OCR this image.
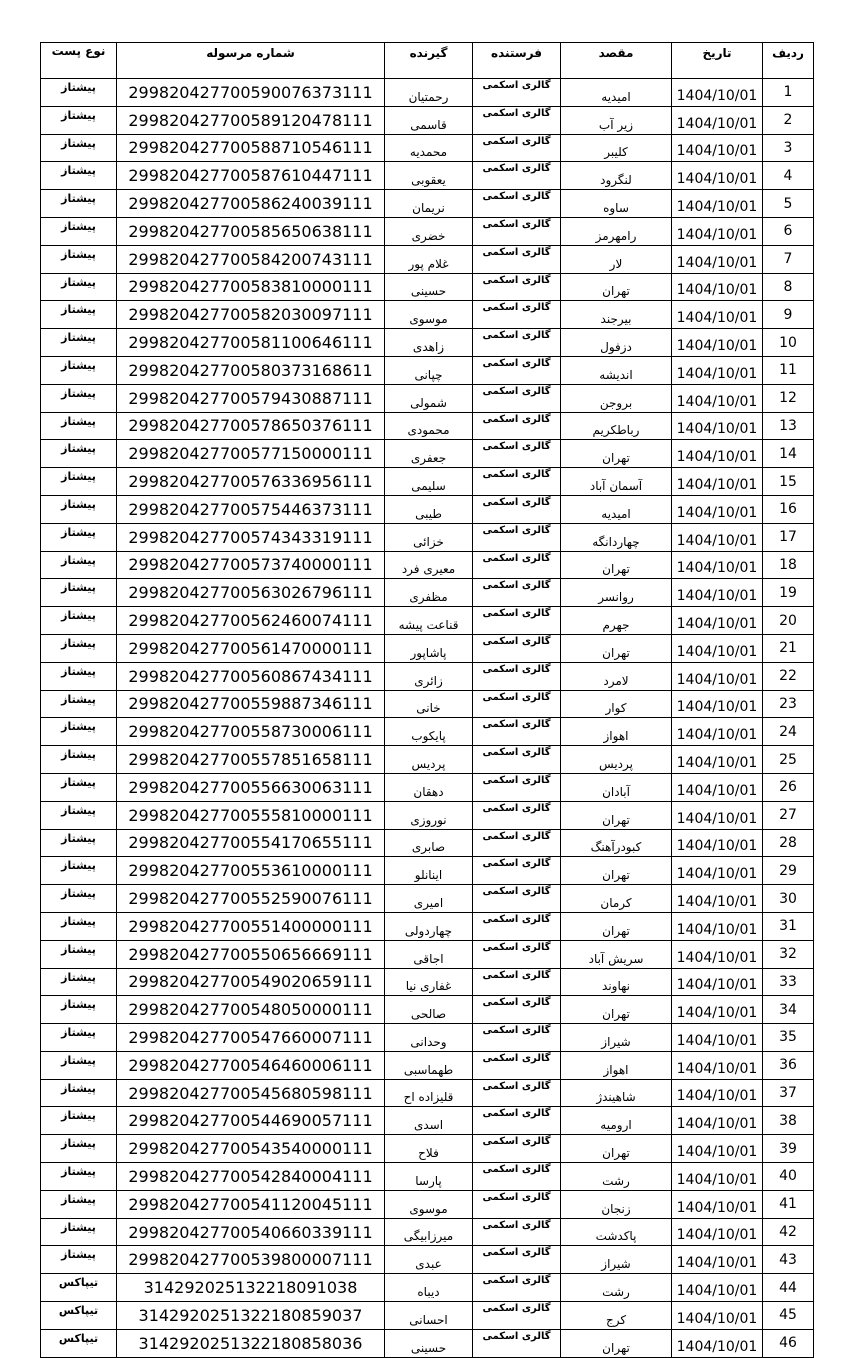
ردیف	تاریخ	مقصد	فرستنده	گیرنده	شماره مرسوله	نوع پست
1	1404/10/01	امیدیه	گالری اسکمی	رحمتیان	299820427700590076373111	پیشتاز
2	1404/10/01	زیر آب	گالری اسکمی	قاسمی	299820427700589120478111	پیشتاز
3	1404/10/01	کلیبر	گالری اسکمی	محمدیه	299820427700588710546111	پیشتاز
4	1404/10/01	لنگرود	گالری اسکمی	یعقوبی	299820427700587610447111	پیشتاز
5	1404/10/01	ساوه	گالری اسکمی	نریمان	299820427700586240039111	پیشتاز
6	1404/10/01	رامهرمز	گالری اسکمی	خضری	299820427700585650638111	پیشتاز
7	1404/10/01	لار	گالری اسکمی	غلام پور	299820427700584200743111	پیشتاز
8	1404/10/01	تهران	گالری اسکمی	حسینی	299820427700583810000111	پیشتاز
9	1404/10/01	بیرجند	گالری اسکمی	موسوی	299820427700582030097111	پیشتاز
10	1404/10/01	دزفول	گالری اسکمی	زاهدی	299820427700581100646111	پیشتاز
11	1404/10/01	اندیشه	گالری اسکمی	چپانی	299820427700580373168611	پیشتاز
12	1404/10/01	بروجن	گالری اسکمی	شمولی	299820427700579430887111	پیشتاز
13	1404/10/01	رباطکریم	گالری اسکمی	محمودی	299820427700578650376111	پیشتاز
14	1404/10/01	تهران	گالری اسکمی	جعفری	299820427700577150000111	پیشتاز
15	1404/10/01	آسمان آباد	گالری اسکمی	سلیمی	299820427700576336956111	پیشتاز
16	1404/10/01	امیدیه	گالری اسکمی	طیبی	299820427700575446373111	پیشتاز
17	1404/10/01	چهاردانگه	گالری اسکمی	خزائی	299820427700574343319111	پیشتاز
18	1404/10/01	تهران	گالری اسکمی	معیری فرد	299820427700573740000111	پیشتاز
19	1404/10/01	روانسر	گالری اسکمی	مظفری	299820427700563026796111	پیشتاز
20	1404/10/01	جهرم	گالری اسکمی	قناعت پیشه	299820427700562460074111	پیشتاز
21	1404/10/01	تهران	گالری اسکمی	پاشاپور	299820427700561470000111	پیشتاز
22	1404/10/01	لامرد	گالری اسکمی	زائری	299820427700560867434111	پیشتاز
23	1404/10/01	کوار	گالری اسکمی	خانی	299820427700559887346111	پیشتاز
24	1404/10/01	اهواز	گالری اسکمی	پایکوب	299820427700558730006111	پیشتاز
25	1404/10/01	پردیس	گالری اسکمی	پردیس	299820427700557851658111	پیشتاز
26	1404/10/01	آبادان	گالری اسکمی	دهقان	299820427700556630063111	پیشتاز
27	1404/10/01	تهران	گالری اسکمی	نوروزی	299820427700555810000111	پیشتاز
28	1404/10/01	کبودرآهنگ	گالری اسکمی	صابری	299820427700554170655111	پیشتاز
29	1404/10/01	تهران	گالری اسکمی	اینانلو	299820427700553610000111	پیشتاز
30	1404/10/01	کرمان	گالری اسکمی	امیری	299820427700552590076111	پیشتاز
31	1404/10/01	تهران	گالری اسکمی	چهاردولی	299820427700551400000111	پیشتاز
32	1404/10/01	سریش آباد	گالری اسکمی	اجاقی	299820427700550656669111	پیشتاز
33	1404/10/01	نهاوند	گالری اسکمی	غفاری نیا	299820427700549020659111	پیشتاز
34	1404/10/01	تهران	گالری اسکمی	صالحی	299820427700548050000111	پیشتاز
35	1404/10/01	شیراز	گالری اسکمی	وحدانی	299820427700547660007111	پیشتاز
36	1404/10/01	اهواز	گالری اسکمی	طهماسبی	299820427700546460006111	پیشتاز
37	1404/10/01	شاهیندژ	گالری اسکمی	قلیزاده اح	299820427700545680598111	پیشتاز
38	1404/10/01	ارومیه	گالری اسکمی	اسدی	299820427700544690057111	پیشتاز
39	1404/10/01	تهران	گالری اسکمی	فلاح	299820427700543540000111	پیشتاز
40	1404/10/01	رشت	گالری اسکمی	پارسا	299820427700542840004111	پیشتاز
41	1404/10/01	زنجان	گالری اسکمی	موسوی	299820427700541120045111	پیشتاز
42	1404/10/01	پاکدشت	گالری اسکمی	میرزابیگی	299820427700540660339111	پیشتاز
43	1404/10/01	شیراز	گالری اسکمی	عبدی	299820427700539800007111	پیشتاز
44	1404/10/01	رشت	گالری اسکمی	دیباه	314292025132218091038	تیپاکس
45	1404/10/01	کرج	گالری اسکمی	احسانی	3142920251322180859037	تیپاکس
46	1404/10/01	تهران	گالری اسکمی	حسینی	3142920251322180858036	تیپاکس
